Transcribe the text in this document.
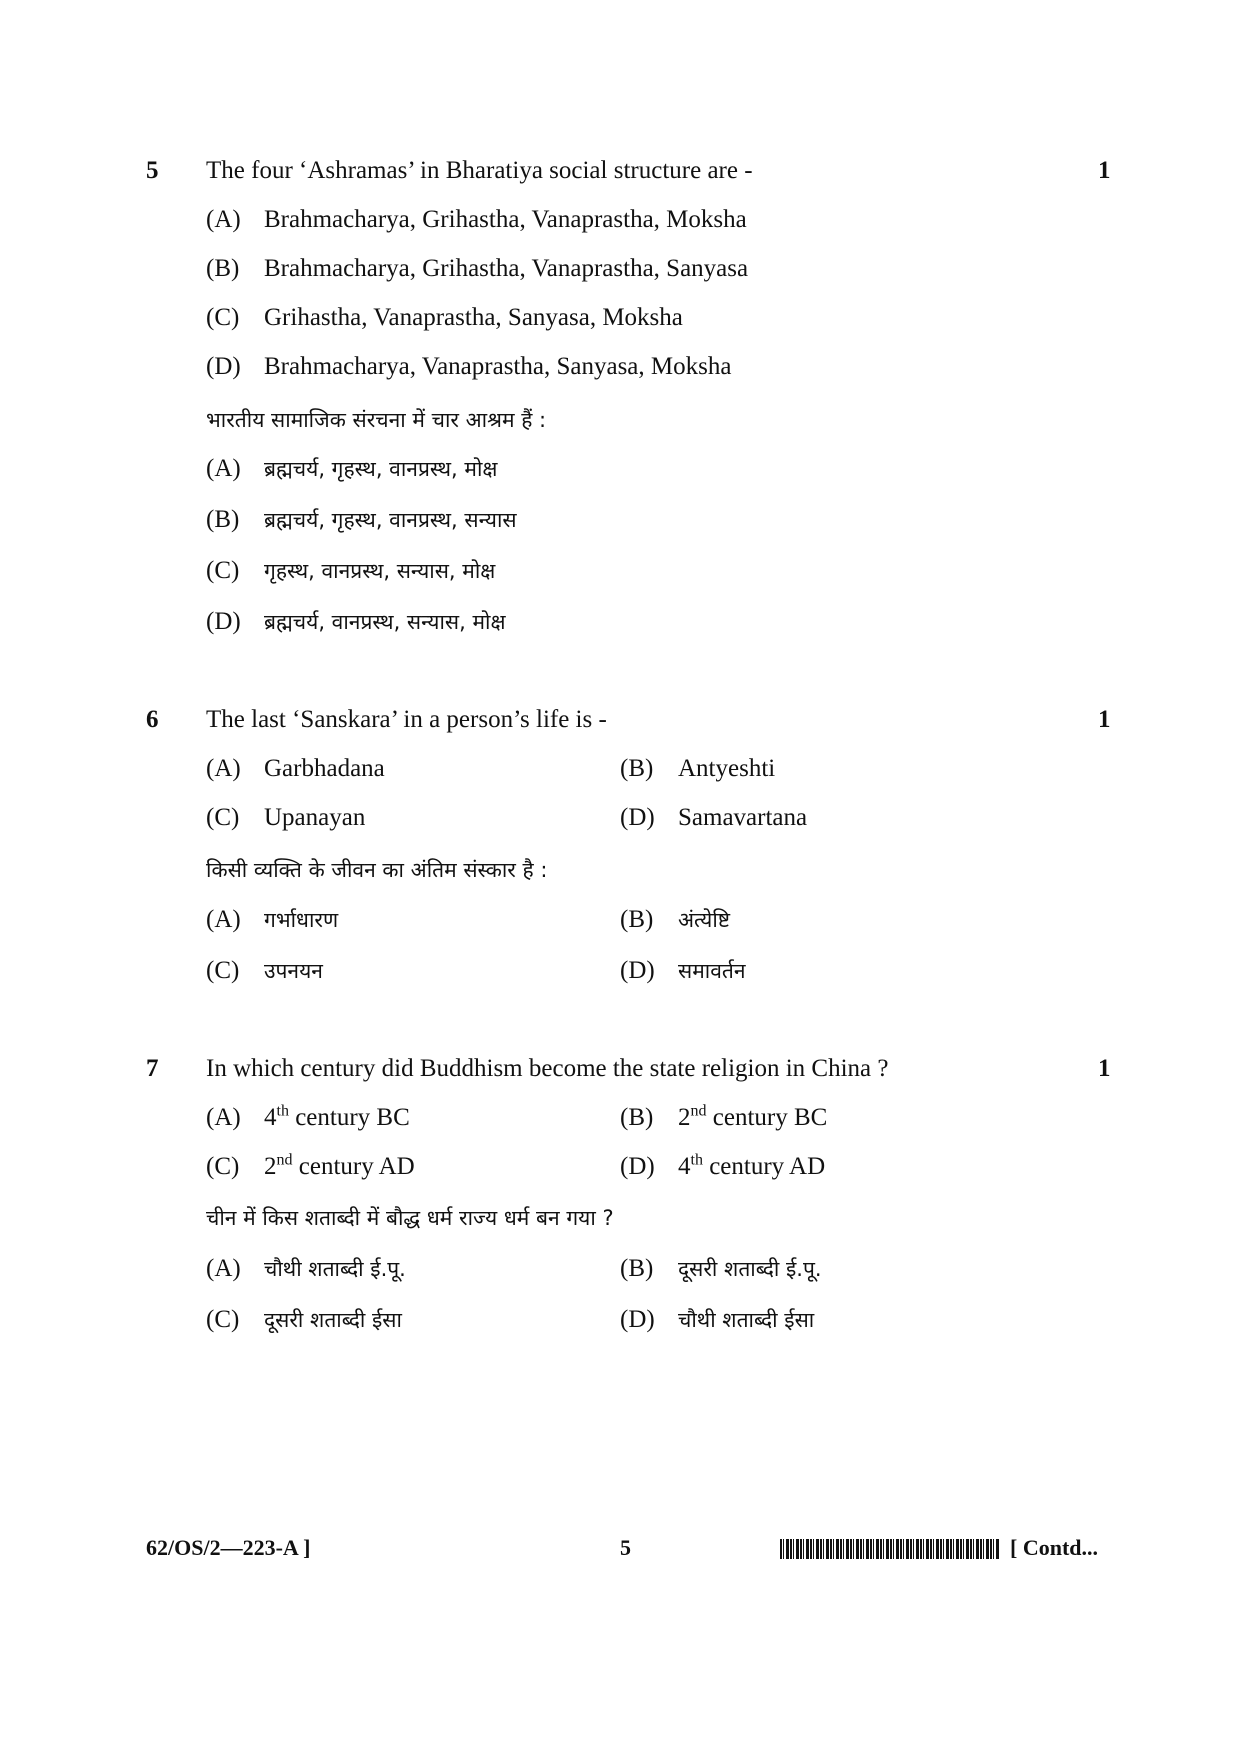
5 The four ‘Ashramas’ in Bharatiya social structure are -	1
(A) Brahmacharya, Grihastha, Vanaprastha, Moksha
(B) Brahmacharya, Grihastha, Vanaprastha, Sanyasa
(C) Grihastha, Vanaprastha, Sanyasa, Moksha
(D) Brahmacharya, Vanaprastha, Sanyasa, Moksha
भारतीय सामाजिक संरचना में चार आश्रम हैं :
(A) ब्रह्मचर्य, गृहस्थ, वानप्रस्थ, मोक्ष
(B) ब्रह्मचर्य, गृहस्थ, वानप्रस्थ, सन्यास
(C) गृहस्थ, वानप्रस्थ, सन्यास, मोक्ष
(D) ब्रह्मचर्य, वानप्रस्थ, सन्यास, मोक्ष
6 The last ‘Sanskara’ in a person’s life is -	1
(A) Garbhadana	(B) Antyeshti
(C) Upanayan	(D) Samavartana
किसी व्यक्ति के जीवन का अंतिम संस्कार है :
(A) गर्भाधारण	(B) अंत्येष्टि
(C) उपनयन	(D) समावर्तन
7 In which century did Buddhism become the state religion in China ?	1
(A) 4th century BC	(B) 2nd century BC
(C) 2nd century AD	(D) 4th century AD
चीन में किस शताब्दी में बौद्ध धर्म राज्य धर्म बन गया ?
(A) चौथी शताब्दी ई.पू.	(B) दूसरी शताब्दी ई.पू.
(C) दूसरी शताब्दी ईसा	(D) चौथी शताब्दी ईसा
62/OS/2—223-A ]	5	[ Contd...
